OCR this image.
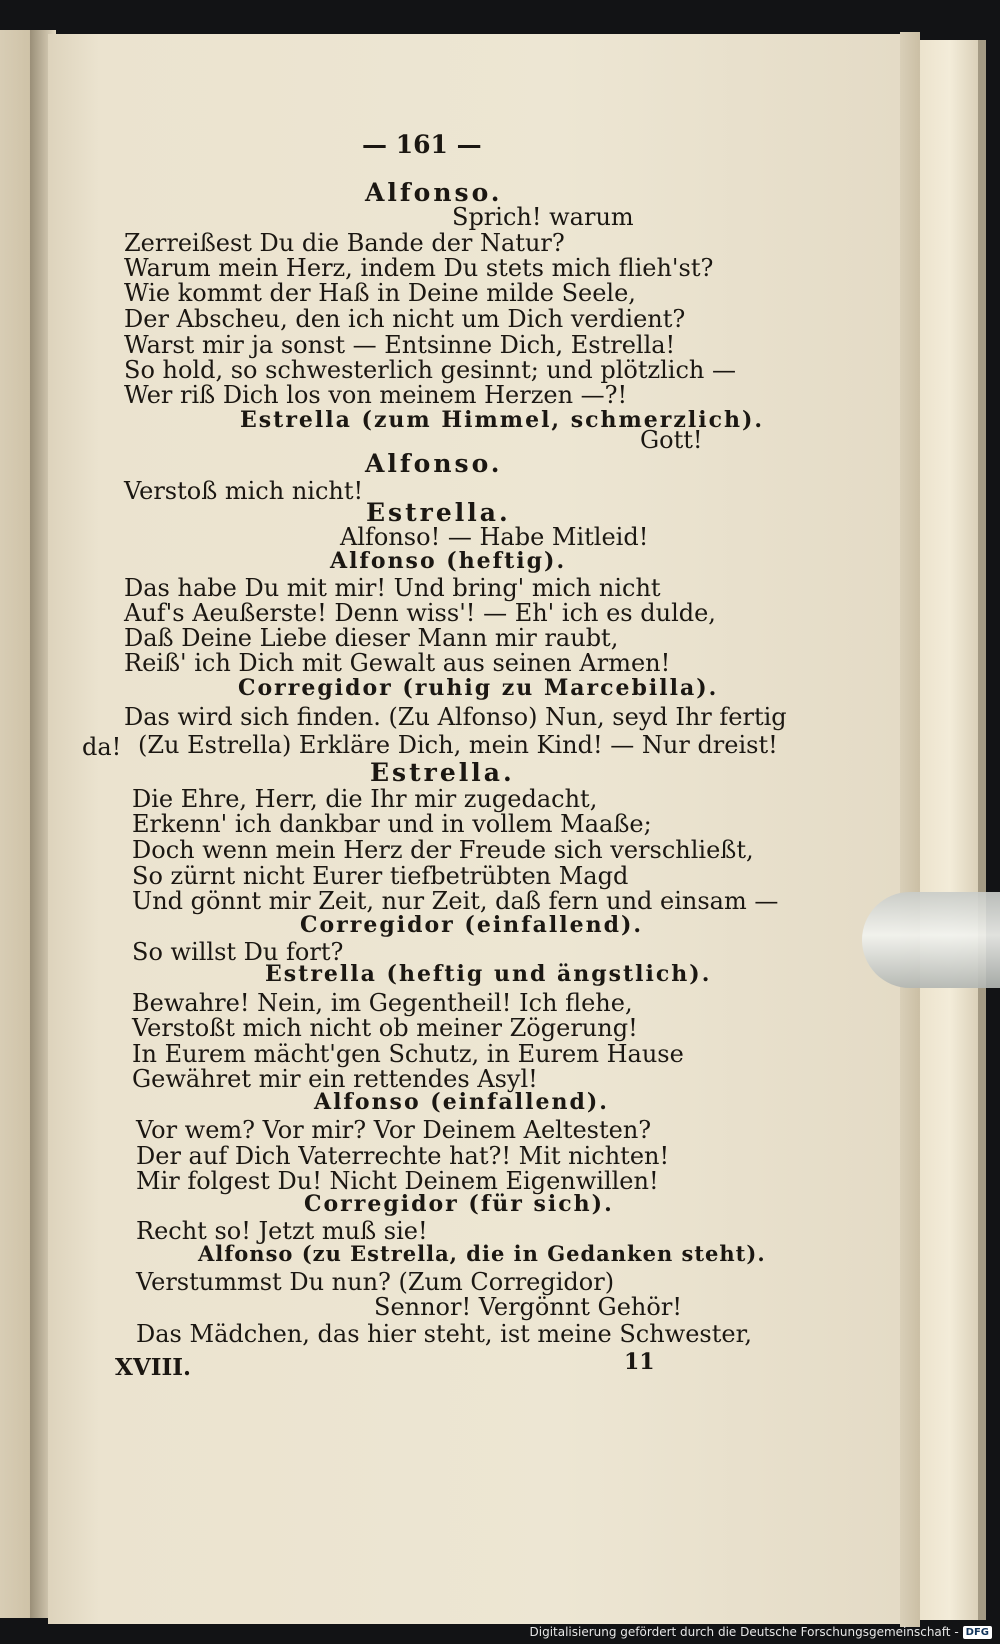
— 161 —
Alfonso.
Sprich! warum
Zerreißest Du die Bande der Natur?
Warum mein Herz, indem Du stets mich flieh'st?
Wie kommt der Haß in Deine milde Seele,
Der Abscheu, den ich nicht um Dich verdient?
Warst mir ja sonst — Entsinne Dich, Estrella!
So hold, so schwesterlich gesinnt; und plötzlich —
Wer riß Dich los von meinem Herzen —?!
Estrella (zum Himmel, schmerzlich).
Gott!
Alfonso.
Verstoß mich nicht!
Estrella.
Alfonso! — Habe Mitleid!
Alfonso (heftig).
Das habe Du mit mir! Und bring' mich nicht
Auf's Aeußerste! Denn wiss'! — Eh' ich es dulde,
Daß Deine Liebe dieser Mann mir raubt,
Reiß' ich Dich mit Gewalt aus seinen Armen!
Corregidor (ruhig zu Marcebilla).
Das wird sich finden. (Zu Alfonso) Nun, seyd Ihr fertig
da! (Zu Estrella) Erkläre Dich, mein Kind! — Nur dreist!
Estrella.
Die Ehre, Herr, die Ihr mir zugedacht,
Erkenn' ich dankbar und in vollem Maaße;
Doch wenn mein Herz der Freude sich verschließt,
So zürnt nicht Eurer tiefbetrübten Magd
Und gönnt mir Zeit, nur Zeit, daß fern und einsam —
Corregidor (einfallend).
So willst Du fort?
Estrella (heftig und ängstlich).
Bewahre! Nein, im Gegentheil! Ich flehe,
Verstoßt mich nicht ob meiner Zögerung!
In Eurem mächt'gen Schutz, in Eurem Hause
Gewähret mir ein rettendes Asyl!
Alfonso (einfallend).
Vor wem? Vor mir? Vor Deinem Aeltesten?
Der auf Dich Vaterrechte hat?! Mit nichten!
Mir folgest Du! Nicht Deinem Eigenwillen!
Corregidor (für sich).
Recht so! Jetzt muß sie!
Alfonso (zu Estrella, die in Gedanken steht).
Verstummst Du nun? (Zum Corregidor)
Sennor! Vergönnt Gehör!
Das Mädchen, das hier steht, ist meine Schwester,
XVIII.	11
Digitalisierung gefördert durch die Deutsche Forschungsgemeinschaft - DFG
